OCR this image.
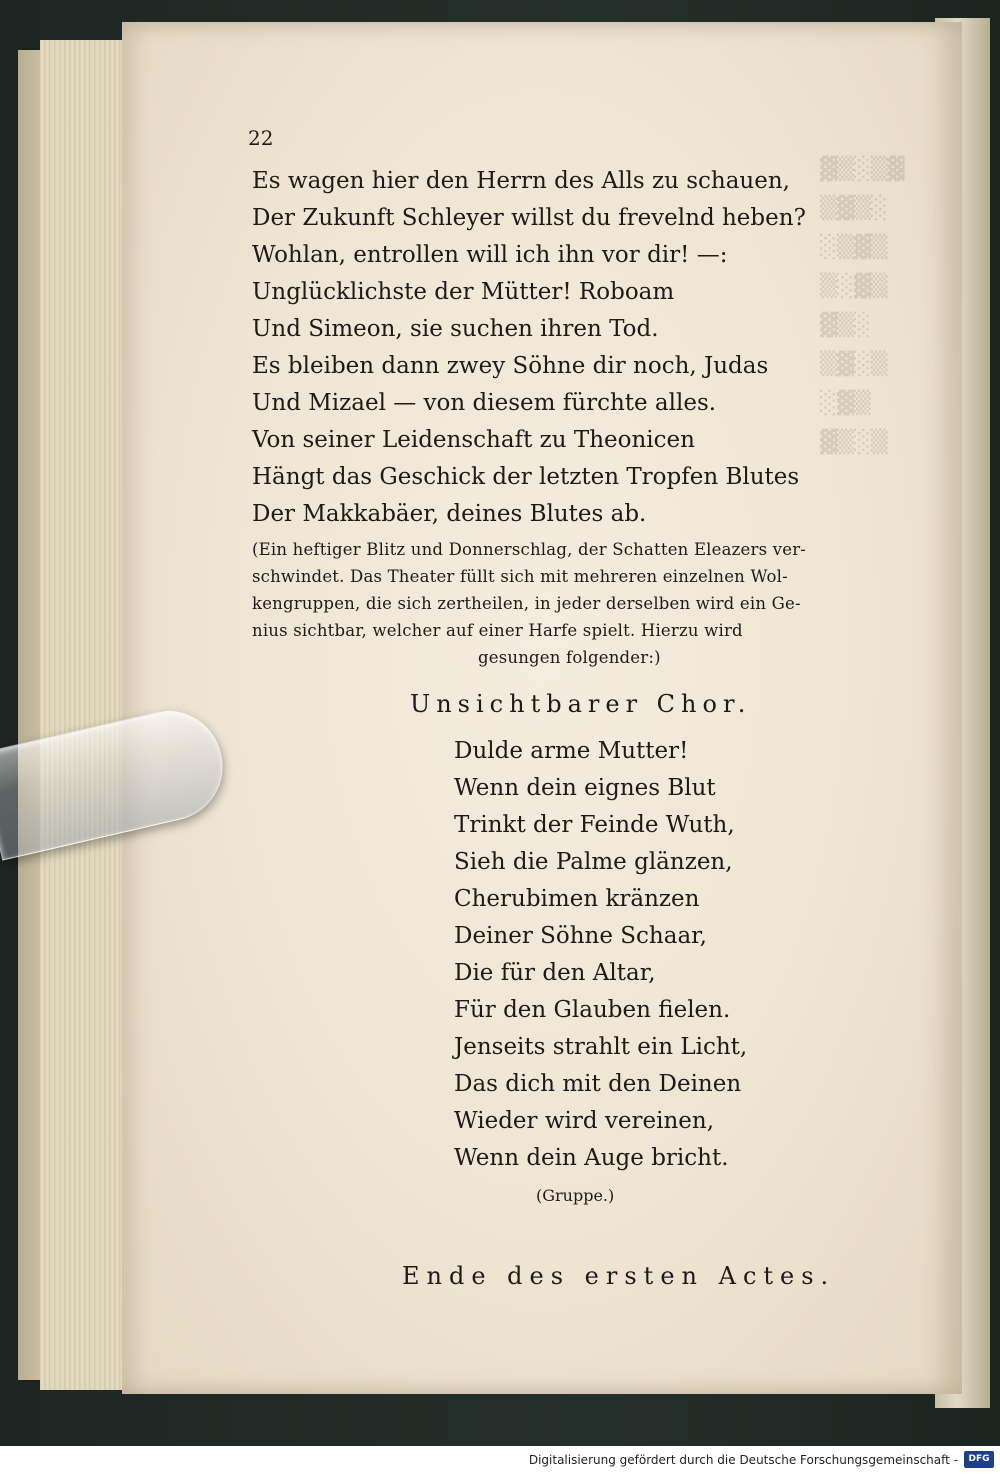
▓▒░▒▓
▒▓▒░
░▒▓▒
▒░▓▒
▓▒░
▒▓░▒
░▓▒
▓▒░▒
22
Es wagen hier den Herrn des Alls zu schauen,
Der Zukunft Schleyer willst du frevelnd heben?
Wohlan, entrollen will ich ihn vor dir! —:
Unglücklichste der Mütter! Roboam
Und Simeon, sie suchen ihren Tod.
Es bleiben dann zwey Söhne dir noch, Judas
Und Mizael — von diesem fürchte alles.
Von seiner Leidenschaft zu Theonicen
Hängt das Geschick der letzten Tropfen Blutes
Der Makkabäer, deines Blutes ab.
(Ein heftiger Blitz und Donnerschlag, der Schatten Eleazers ver-
schwindet. Das Theater füllt sich mit mehreren einzelnen Wol-
kengruppen, die sich zertheilen, in jeder derselben wird ein Ge-
nius sichtbar, welcher auf einer Harfe spielt. Hierzu wird
gesungen folgender:)
Unsichtbarer Chor.
Dulde arme Mutter!
Wenn dein eignes Blut
Trinkt der Feinde Wuth,
Sieh die Palme glänzen,
Cherubimen kränzen
Deiner Söhne Schaar,
Die für den Altar,
Für den Glauben fielen.
Jenseits strahlt ein Licht,
Das dich mit den Deinen
Wieder wird vereinen,
Wenn dein Auge bricht.
(Gruppe.)
Ende des ersten Actes.
Digitalisierung gefördert durch die Deutsche Forschungsgemeinschaft -	DFG
